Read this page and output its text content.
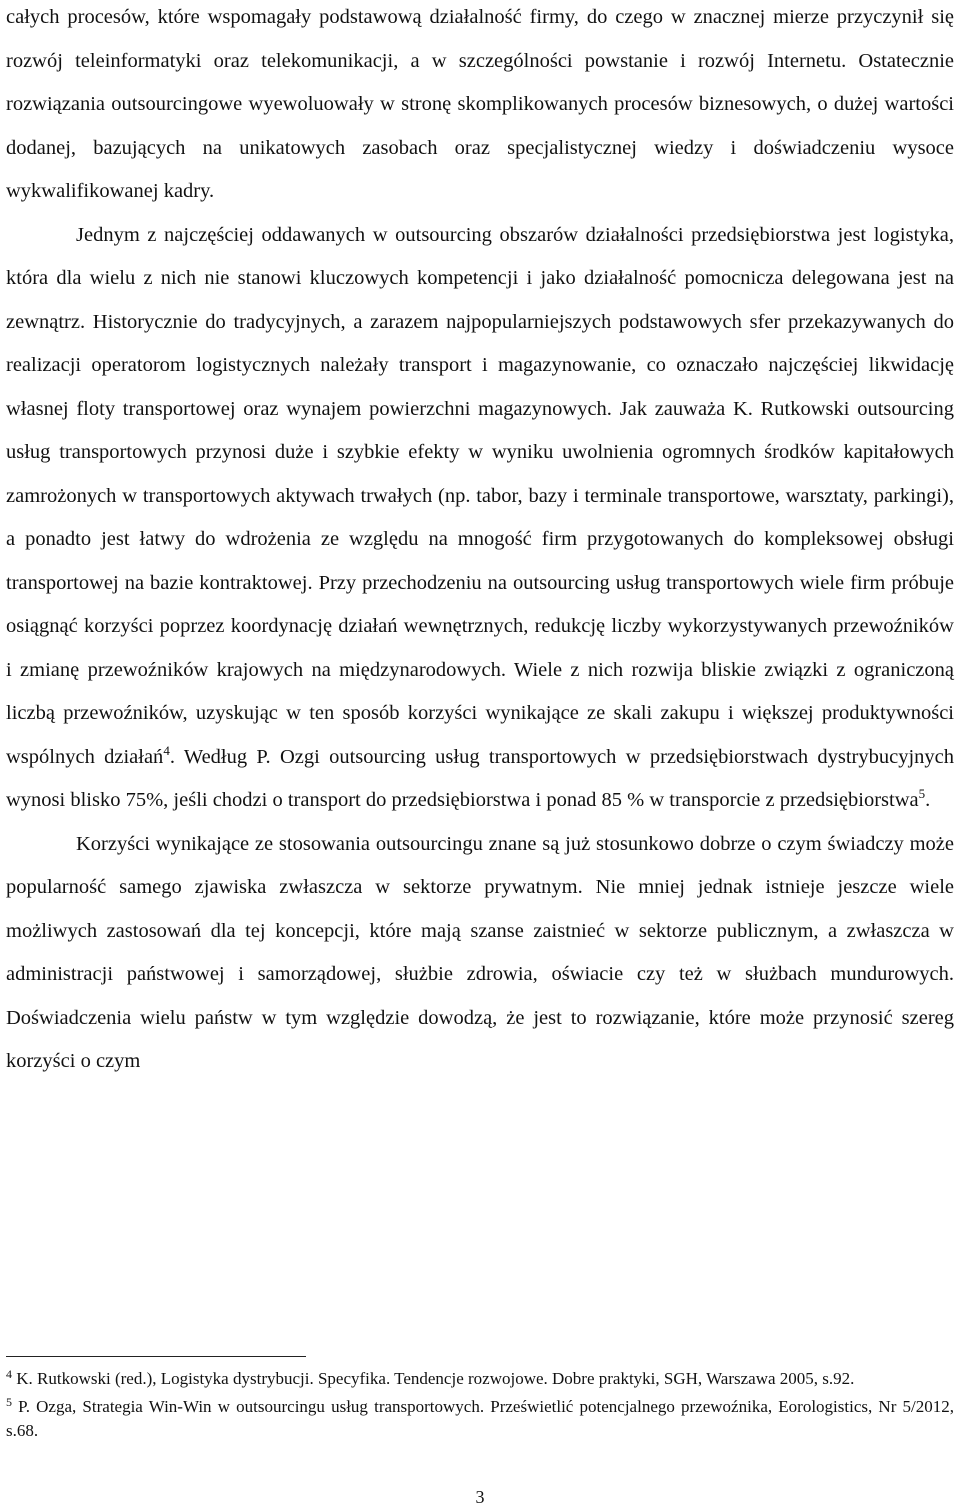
całych procesów, które wspomagały podstawową działalność firmy, do czego w znacznej mierze przyczynił się rozwój teleinformatyki oraz telekomunikacji, a w szczególności powstanie i rozwój Internetu. Ostatecznie rozwiązania outsourcingowe wyewoluowały w stronę skomplikowanych procesów biznesowych, o dużej wartości dodanej, bazujących na unikatowych zasobach oraz specjalistycznej wiedzy i doświadczeniu wysoce wykwalifikowanej kadry.

Jednym z najczęściej oddawanych w outsourcing obszarów działalności przedsiębiorstwa jest logistyka, która dla wielu z nich nie stanowi kluczowych kompetencji i jako działalność pomocnicza delegowana jest na zewnątrz. Historycznie do tradycyjnych, a zarazem najpopularniejszych podstawowych sfer przekazywanych do realizacji operatorom logistycznych należały transport i magazynowanie, co oznaczało najczęściej likwidację własnej floty transportowej oraz wynajem powierzchni magazynowych. Jak zauważa K. Rutkowski outsourcing usług transportowych przynosi duże i szybkie efekty w wyniku uwolnienia ogromnych środków kapitałowych zamrożonych w transportowych aktywach trwałych (np. tabor, bazy i terminale transportowe, warsztaty, parkingi), a ponadto jest łatwy do wdrożenia ze względu na mnogość firm przygotowanych do kompleksowej obsługi transportowej na bazie kontraktowej. Przy przechodzeniu na outsourcing usług transportowych wiele firm próbuje osiągnąć korzyści poprzez koordynację działań wewnętrznych, redukcję liczby wykorzystywanych przewoźników i zmianę przewoźników krajowych na międzynarodowych. Wiele z nich rozwija bliskie związki z ograniczoną liczbą przewoźników, uzyskując w ten sposób korzyści wynikające ze skali zakupu i większej produktywności wspólnych działań$^4$. Według P. Ozgi outsourcing usług transportowych w przedsiębiorstwach dystrybucyjnych wynosi blisko 75%, jeśli chodzi o transport do przedsiębiorstwa i ponad 85 % w transporcie z przedsiębiorstwa$^5$.

Korzyści wynikające ze stosowania outsourcingu znane są już stosunkowo dobrze o czym świadczy może popularność samego zjawiska zwłaszcza w sektorze prywatnym. Nie mniej jednak istnieje jeszcze wiele możliwych zastosowań dla tej koncepcji, które mają szanse zaistnieć w sektorze publicznym, a zwłaszcza w administracji państwowej i samorządowej, służbie zdrowia, oświacie czy też w służbach mundurowych. Doświadczenia wielu państw w tym względzie dowodzą, że jest to rozwiązanie, które może przynosić szereg korzyści o czym

$^4$ K. Rutkowski (red.), Logistyka dystrybucji. Specyfika. Tendencje rozwojowe. Dobre praktyki, SGH, Warszawa 2005, s.92.

$^5$ P. Ozga, Strategia Win-Win w outsourcingu usług transportowych. Prześwietlić potencjalnego przewoźnika, Eorologistics, Nr 5/2012, s.68.

3
